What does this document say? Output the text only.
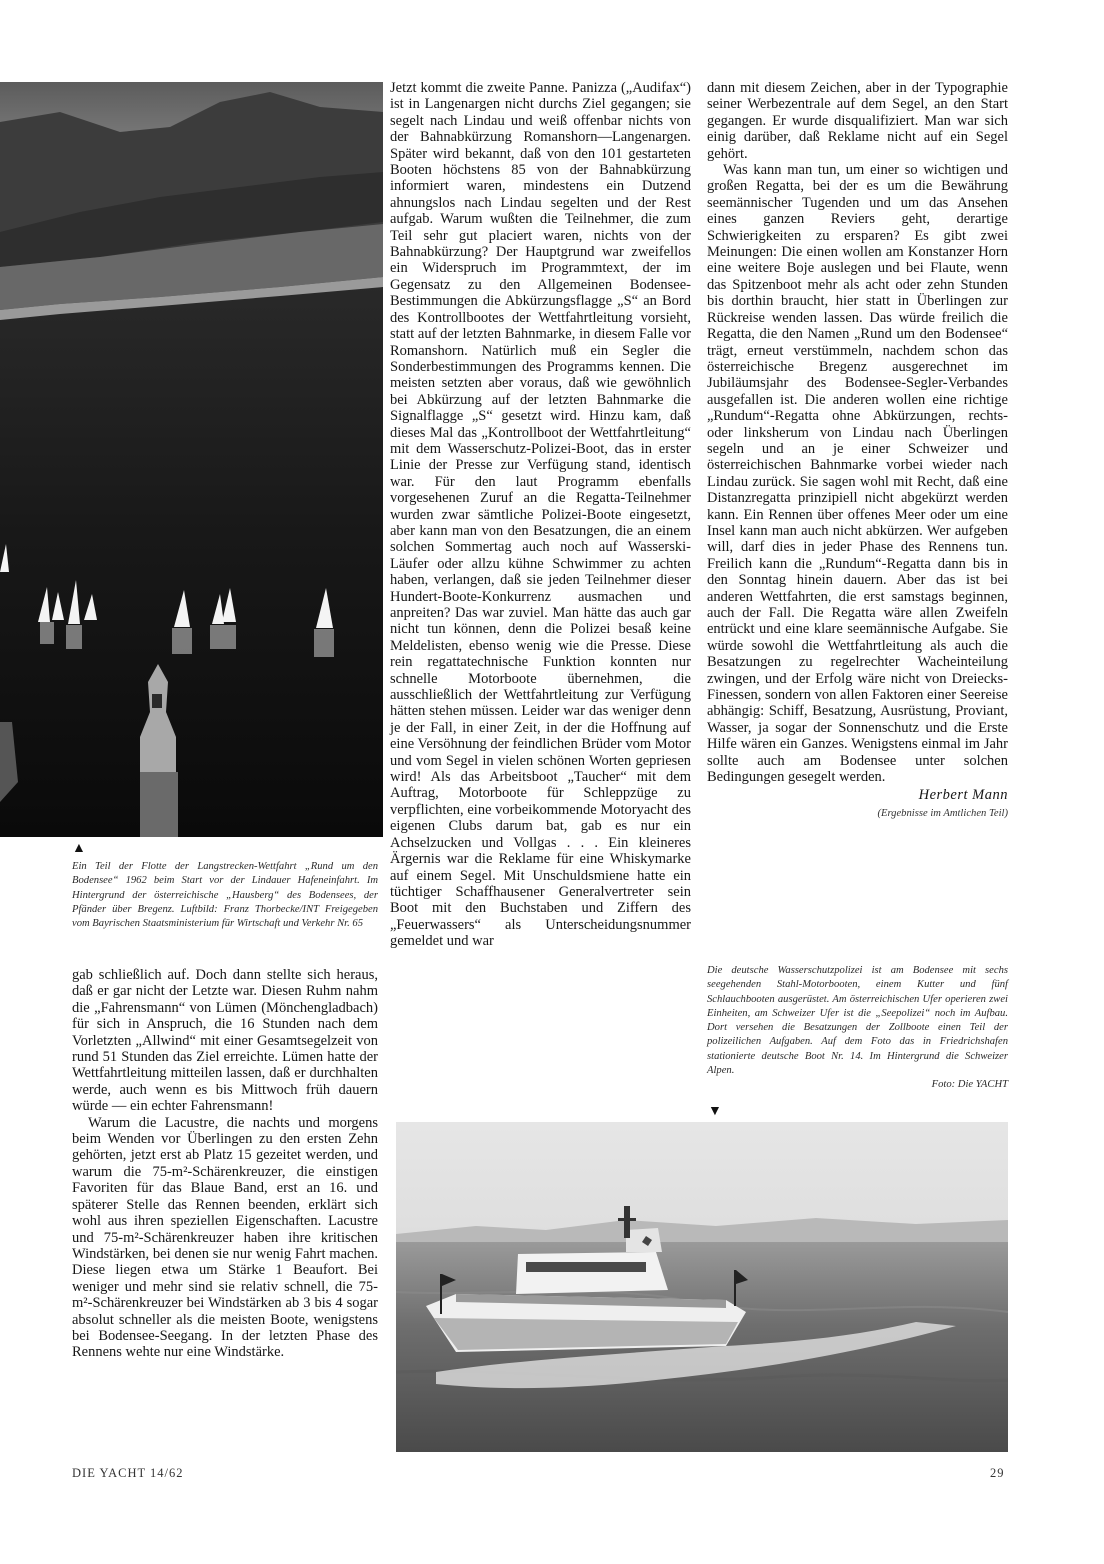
▲
Ein Teil der Flotte der Langstrecken-Wettfahrt „Rund um den Bodensee“ 1962 beim Start vor der Lindauer Hafeneinfahrt. Im Hintergrund der österreichische „Hausberg“ des Bodensees, der Pfänder über Bregenz. Luftbild: Franz Thorbecke/INT Freigegeben vom Bayrischen Staatsministerium für Wirtschaft und Verkehr Nr. 65

gab schließlich auf. Doch dann stellte sich heraus, daß er gar nicht der Letzte war. Diesen Ruhm nahm die „Fahrensmann“ von Lümen (Mönchengladbach) für sich in Anspruch, die 16 Stunden nach dem Vorletzten „Allwind“ mit einer Gesamtsegelzeit von rund 51 Stunden das Ziel erreichte. Lümen hatte der Wettfahrtleitung mitteilen lassen, daß er durchhalten werde, auch wenn es bis Mittwoch früh dauern würde — ein echter Fahrensmann!

Warum die Lacustre, die nachts und morgens beim Wenden vor Überlingen zu den ersten Zehn gehörten, jetzt erst ab Platz 15 gezeitet werden, und warum die 75-m²-Schärenkreuzer, die einstigen Favoriten für das Blaue Band, erst an 16. und späterer Stelle das Rennen beenden, erklärt sich wohl aus ihren speziellen Eigenschaften. Lacustre und 75-m²-Schärenkreuzer haben ihre kritischen Windstärken, bei denen sie nur wenig Fahrt machen. Diese liegen etwa um Stärke 1 Beaufort. Bei weniger und mehr sind sie relativ schnell, die 75-m²-Schärenkreuzer bei Windstärken ab 3 bis 4 sogar absolut schneller als die meisten Boote, wenigstens bei Bodensee-Seegang. In der letzten Phase des Rennens wehte nur eine Windstärke.

Jetzt kommt die zweite Panne. Panizza („Audifax“) ist in Langenargen nicht durchs Ziel gegangen; sie segelt nach Lindau und weiß offenbar nichts von der Bahnabkürzung Romanshorn—Langenargen. Später wird bekannt, daß von den 101 gestarteten Booten höchstens 85 von der Bahnabkürzung informiert waren, mindestens ein Dutzend ahnungslos nach Lindau segelten und der Rest aufgab. Warum wußten die Teilnehmer, die zum Teil sehr gut placiert waren, nichts von der Bahnabkürzung? Der Hauptgrund war zweifellos ein Widerspruch im Programmtext, der im Gegensatz zu den Allgemeinen Bodensee-Bestimmungen die Abkürzungsflagge „S“ an Bord des Kontrollbootes der Wettfahrtleitung vorsieht, statt auf der letzten Bahnmarke, in diesem Falle vor Romanshorn. Natürlich muß ein Segler die Sonderbestimmungen des Programms kennen. Die meisten setzten aber voraus, daß wie gewöhnlich bei Abkürzung auf der letzten Bahnmarke die Signalflagge „S“ gesetzt wird. Hinzu kam, daß dieses Mal das „Kontrollboot der Wettfahrtleitung“ mit dem Wasserschutz-Polizei-Boot, das in erster Linie der Presse zur Verfügung stand, identisch war. Für den laut Programm ebenfalls vorgesehenen Zuruf an die Regatta-Teilnehmer wurden zwar sämtliche Polizei-Boote eingesetzt, aber kann man von den Besatzungen, die an einem solchen Sommertag auch noch auf Wasserski-Läufer oder allzu kühne Schwimmer zu achten haben, verlangen, daß sie jeden Teilnehmer dieser Hundert-Boote-Konkurrenz ausmachen und anpreiten? Das war zuviel. Man hätte das auch gar nicht tun können, denn die Polizei besaß keine Meldelisten, ebenso wenig wie die Presse. Diese rein regattatechnische Funktion konnten nur schnelle Motorboote übernehmen, die ausschließlich der Wettfahrtleitung zur Verfügung hätten stehen müssen. Leider war das weniger denn je der Fall, in einer Zeit, in der die Hoffnung auf eine Versöhnung der feindlichen Brüder vom Motor und vom Segel in vielen schönen Worten gepriesen wird! Als das Arbeitsboot „Taucher“ mit dem Auftrag, Motorboote für Schleppzüge zu verpflichten, eine vorbeikommende Motoryacht des eigenen Clubs darum bat, gab es nur ein Achselzucken und Vollgas . . . Ein kleineres Ärgernis war die Reklame für eine Whiskymarke auf einem Segel. Mit Unschuldsmiene hatte ein tüchtiger Schaffhausener Generalvertreter sein Boot mit den Buchstaben und Ziffern des „Feuerwassers“ als Unterscheidungsnummer gemeldet und war

dann mit diesem Zeichen, aber in der Typographie seiner Werbezentrale auf dem Segel, an den Start gegangen. Er wurde disqualifiziert. Man war sich einig darüber, daß Reklame nicht auf ein Segel gehört.

Was kann man tun, um einer so wichtigen und großen Regatta, bei der es um die Bewährung seemännischer Tugenden und um das Ansehen eines ganzen Reviers geht, derartige Schwierigkeiten zu ersparen? Es gibt zwei Meinungen: Die einen wollen am Konstanzer Horn eine weitere Boje auslegen und bei Flaute, wenn das Spitzenboot mehr als acht oder zehn Stunden bis dorthin braucht, hier statt in Überlingen zur Rückreise wenden lassen. Das würde freilich die Regatta, die den Namen „Rund um den Bodensee“ trägt, erneut verstümmeln, nachdem schon das österreichische Bregenz ausgerechnet im Jubiläumsjahr des Bodensee-Segler-Verbandes ausgefallen ist. Die anderen wollen eine richtige „Rundum“-Regatta ohne Abkürzungen, rechts- oder linksherum von Lindau nach Überlingen segeln und an je einer Schweizer und österreichischen Bahnmarke vorbei wieder nach Lindau zurück. Sie sagen wohl mit Recht, daß eine Distanzregatta prinzipiell nicht abgekürzt werden kann. Ein Rennen über offenes Meer oder um eine Insel kann man auch nicht abkürzen. Wer aufgeben will, darf dies in jeder Phase des Rennens tun. Freilich kann die „Rundum“-Regatta dann bis in den Sonntag hinein dauern. Aber das ist bei anderen Wettfahrten, die erst samstags beginnen, auch der Fall. Die Regatta wäre allen Zweifeln entrückt und eine klare seemännische Aufgabe. Sie würde sowohl die Wettfahrtleitung als auch die Besatzungen zu regelrechter Wacheinteilung zwingen, und der Erfolg wäre nicht von Dreiecks-Finessen, sondern von allen Faktoren einer Seereise abhängig: Schiff, Besatzung, Ausrüstung, Proviant, Wasser, ja sogar der Sonnenschutz und die Erste Hilfe wären ein Ganzes. Wenigstens einmal im Jahr sollte auch am Bodensee unter solchen Bedingungen gesegelt werden.

Herbert Mann
(Ergebnisse im Amtlichen Teil)
Die deutsche Wasserschutzpolizei ist am Bodensee mit sechs seegehenden Stahl-Motorbooten, einem Kutter und fünf Schlauchbooten ausgerüstet. Am österreichischen Ufer operieren zwei Einheiten, am Schweizer Ufer ist die „Seepolizei“ noch im Aufbau. Dort versehen die Besatzungen der Zollboote einen Teil der polizeilichen Aufgaben. Auf dem Foto das in Friedrichshafen stationierte deutsche Boot Nr. 14. Im Hintergrund die Schweizer Alpen.
Foto: Die YACHT
▼
DIE YACHT 14/62	29
